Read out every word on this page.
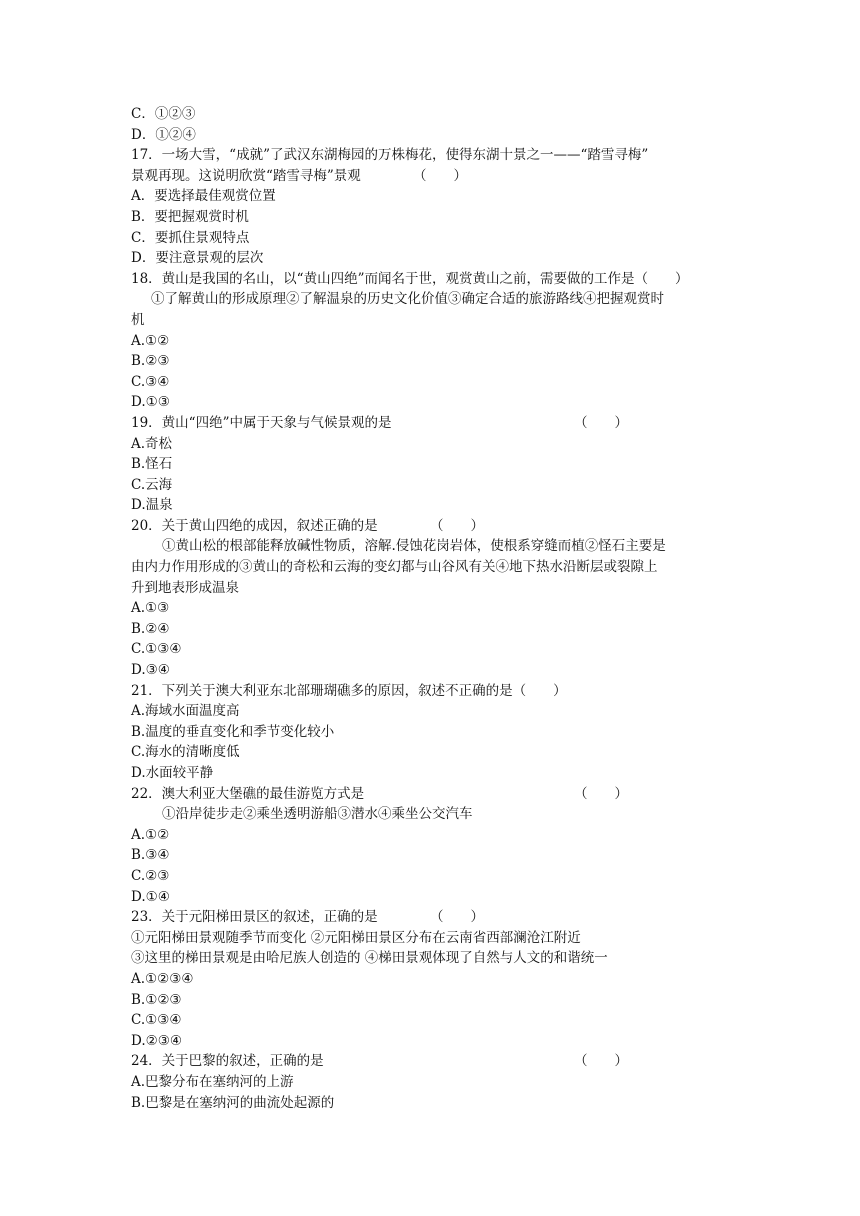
C．①②③
D．①②④
17．一场大雪，“成就”了武汉东湖梅园的万株梅花，使得东湖十景之一——“踏雪寻梅”
景观再现。这说明欣赏“踏雪寻梅”景观	（　　）
A．要选择最佳观赏位置
B．要把握观赏时机
C．要抓住景观特点
D．要注意景观的层次
18．黄山是我国的名山，以“黄山四绝”而闻名于世，观赏黄山之前，需要做的工作是（　　）
①了解黄山的形成原理②了解温泉的历史文化价值③确定合适的旅游路线④把握观赏时
机
A.①②
B.②③
C.③④
D.①③
19．黄山“四绝”中属于天象与气候景观的是	（　　）
A.奇松
B.怪石
C.云海
D.温泉
20．关于黄山四绝的成因，叙述正确的是	（　　）
①黄山松的根部能释放碱性物质，溶解.侵蚀花岗岩体，使根系穿缝而植②怪石主要是
由内力作用形成的③黄山的奇松和云海的变幻都与山谷风有关④地下热水沿断层或裂隙上
升到地表形成温泉
A.①③
B.②④
C.①③④
D.③④
21．下列关于澳大利亚东北部珊瑚礁多的原因，叙述不正确的是（　　）
A.海域水面温度高
B.温度的垂直变化和季节变化较小
C.海水的清晰度低
D.水面较平静
22．澳大利亚大堡礁的最佳游览方式是	（　　）
①沿岸徒步走②乘坐透明游船③潜水④乘坐公交汽车
A.①②
B.③④
C.②③
D.①④
23．关于元阳梯田景区的叙述，正确的是	（　　）
①元阳梯田景观随季节而变化 ②元阳梯田景区分布在云南省西部澜沧江附近
③这里的梯田景观是由哈尼族人创造的 ④梯田景观体现了自然与人文的和谐统一
A.①②③④
B.①②③
C.①③④
D.②③④
24．关于巴黎的叙述，正确的是	（　　）
A.巴黎分布在塞纳河的上游
B.巴黎是在塞纳河的曲流处起源的
